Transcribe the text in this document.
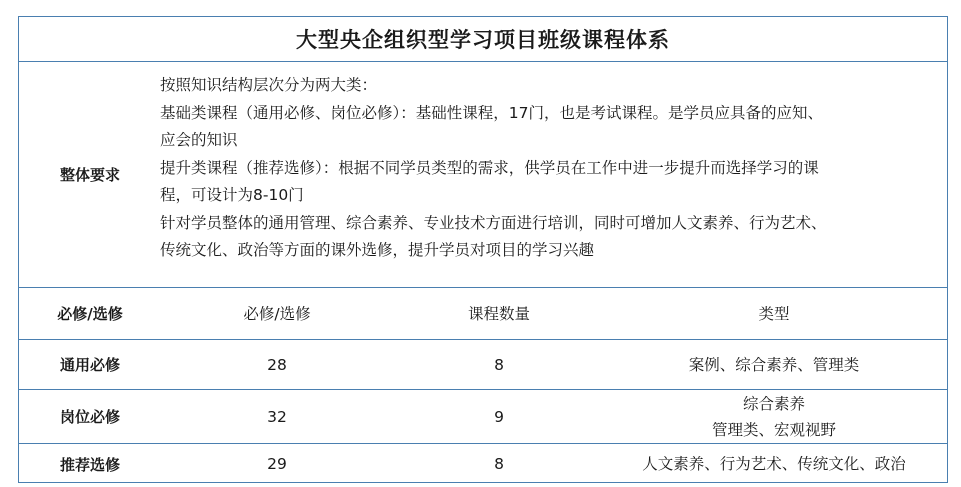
大型央企组织型学习项目班级课程体系
整体要求
按照知识结构层次分为两大类：
基础类课程（通用必修、岗位必修）：基础性课程，17门，也是考试课程。是学员应具备的应知、
应会的知识
提升类课程（推荐选修）：根据不同学员类型的需求，供学员在工作中进一步提升而选择学习的课
程，可设计为8-10门
针对学员整体的通用管理、综合素养、专业技术方面进行培训，同时可增加人文素养、行为艺术、
传统文化、政治等方面的课外选修，提升学员对项目的学习兴趣
必修/选修	必修/选修	课程数量	类型
通用必修	28	8	案例、综合素养、管理类
岗位必修	32	9
综合素养
管理类、宏观视野
推荐选修	29	8	人文素养、行为艺术、传统文化、政治
